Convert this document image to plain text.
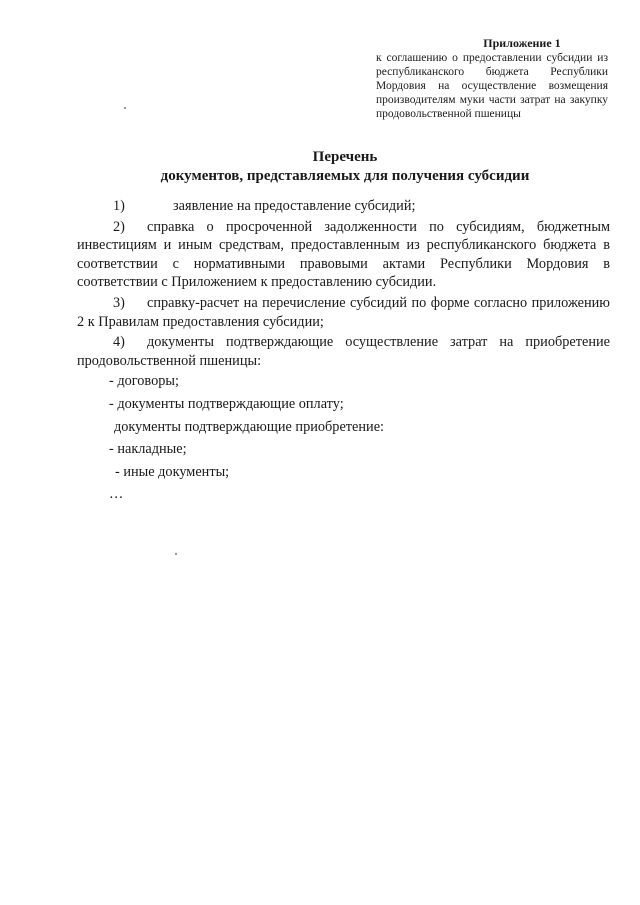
Приложение 1
к соглашению о предоставлении субсидии из республиканского бюджета Республики Мордовия на осуществление возмещения производителям муки части затрат на закупку продовольственной пшеницы
Перечень
документов, представляемых для получения субсидии

1)	заявление на предоставление субсидий;

2) справка о просроченной задолженности по субсидиям, бюджетным инвестициям и иным средствам, предоставленным из республиканского бюджета в соответствии с нормативными правовыми актами Республики Мордовия в соответствии с Приложением к предоставлению субсидии.

3) справку-расчет на перечисление субсидий по форме согласно приложению 2 к Правилам предоставления субсидии;

4) документы подтверждающие осуществление затрат на приобретение продовольственной пшеницы:

- договоры;

- документы подтверждающие оплату;

документы подтверждающие приобретение:

- накладные;

- иные документы;

…
